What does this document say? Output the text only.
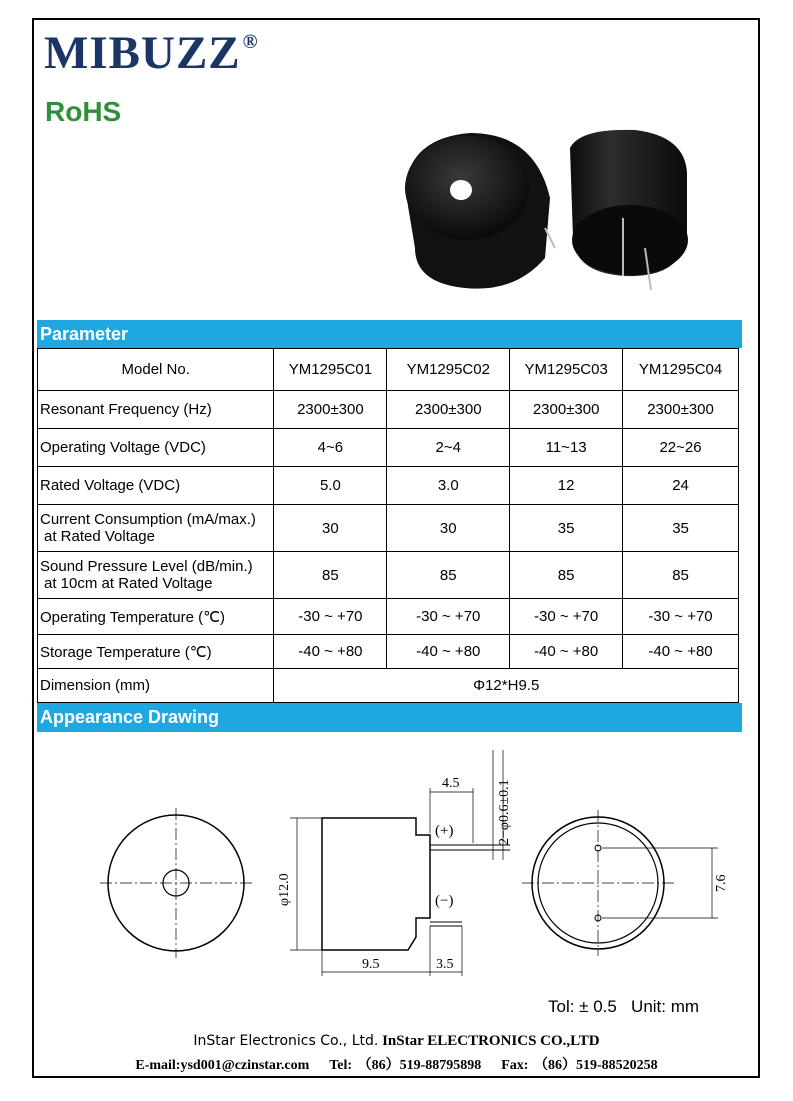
MIBUZZ ®
RoHS
Parameter
Model No.	YM1295C01	YM1295C02	YM1295C03	YM1295C04
Resonant Frequency (Hz)	2300±300	2300±300	2300±300	2300±300
Operating Voltage (VDC)	4~6	2~4	11~13	22~26
Rated Voltage (VDC)	5.0	3.0	12	24

Current Consumption (mA/max.)
at Rated Voltage	30	30	35	35

Sound Pressure Level (dB/min.)
at 10cm at Rated Voltage	85	85	85	85
Operating Temperature (℃)	-30 ~ +70	-30 ~ +70	-30 ~ +70	-30 ~ +70
Storage Temperature (℃)	-40 ~ +80	-40 ~ +80	-40 ~ +80	-40 ~ +80
Dimension (mm)	Φ12*H9.5			
Appearance Drawing
4.5	2−φ0.6±0.1
φ12.0
9.5	3.5
(+)
(−)
7.6
Tol: ± 0.5 Unit: mm
InStar Electronics Co., Ltd. InStar ELECTRONICS CO.,LTD
E-mail:ysd001@czinstar.com Tel: （86）519-88795898 Fax: （86）519-88520258
